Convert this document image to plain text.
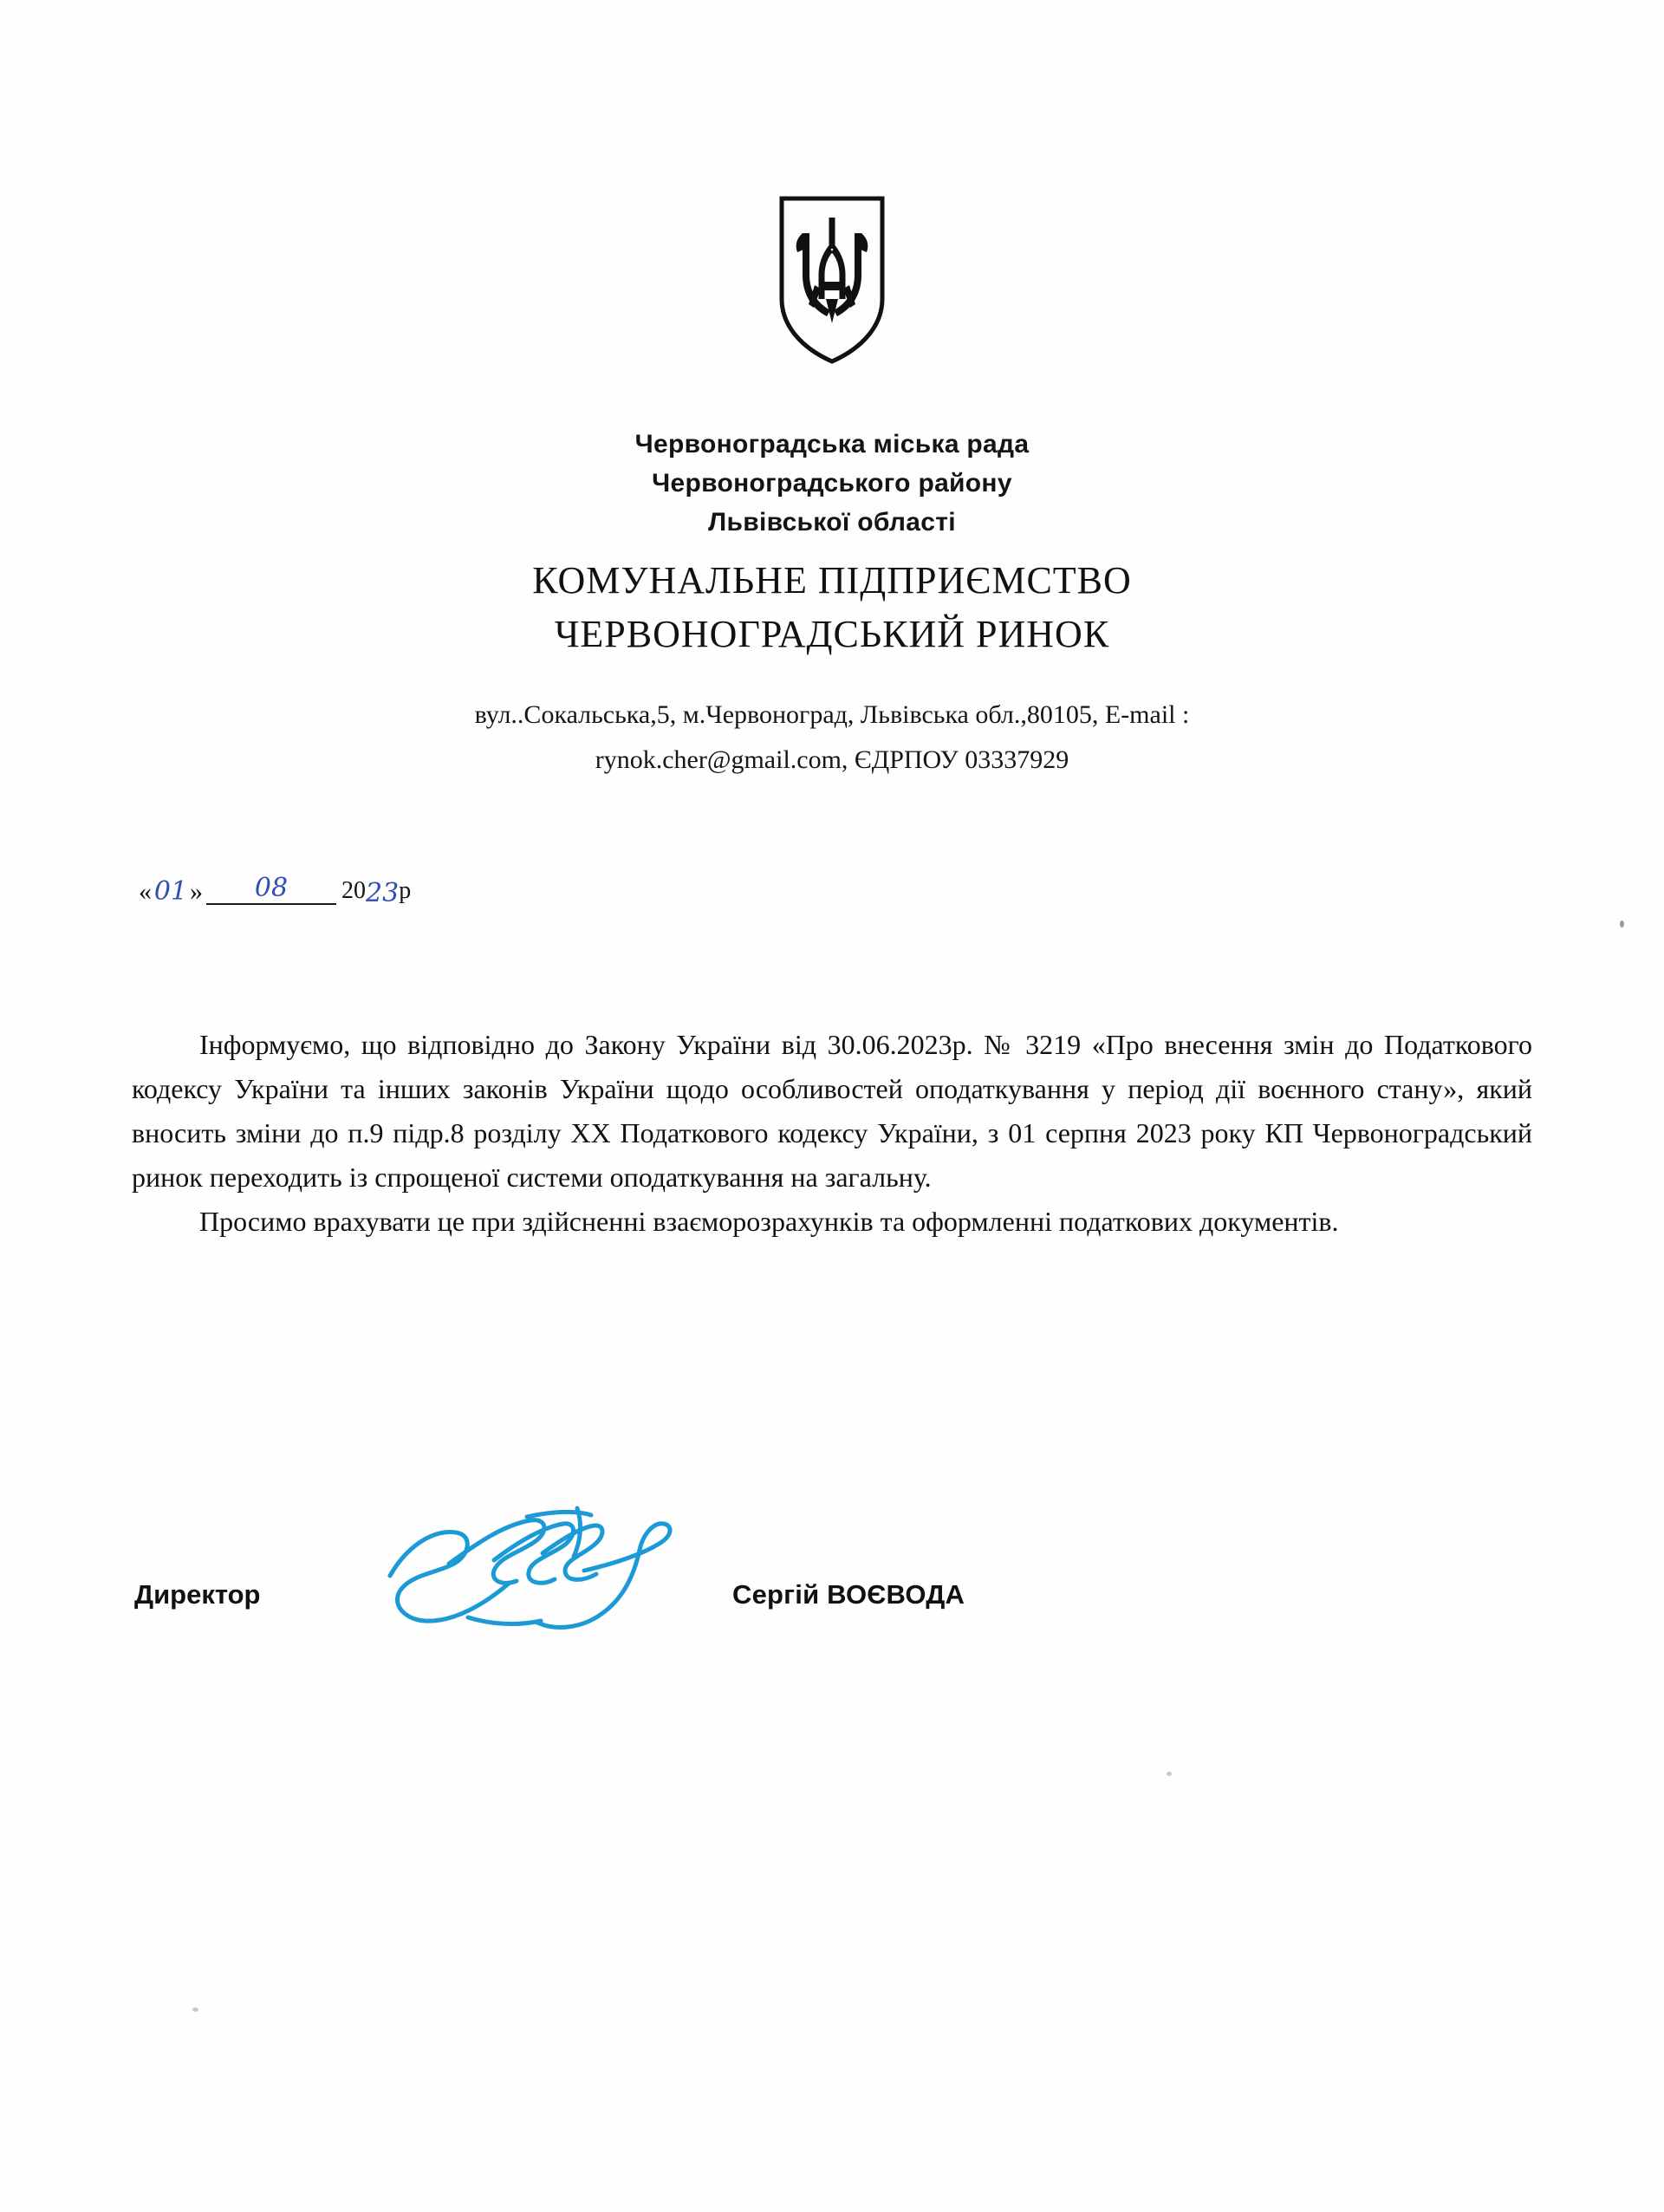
Червоноградська міська рада
Червоноградського району
Львівської області
КОМУНАЛЬНЕ ПІДПРИЄМСТВО
ЧЕРВОНОГРАДСЬКИЙ РИНОК
вул..Сокальська,5, м.Червоноград, Львівська обл.,80105, E-mail :
rynok.cher@gmail.com, ЄДРПОУ 03337929
« 01 »	08	20 23 р

Інформуємо, що відповідно до Закону України від 30.06.2023р. № 3219 «Про внесення змін до Податкового кодексу України та інших законів України щодо особливостей оподаткування у період дії воєнного стану», який вносить зміни до п.9 підр.8 розділу XX Податкового кодексу України, з 01 серпня 2023 року КП Червоноградський ринок переходить із спрощеної системи оподаткування на загальну.

Просимо врахувати це при здійсненні взаєморозрахунків та оформленні податкових документів.

Директор	Сергій ВОЄВОДА
